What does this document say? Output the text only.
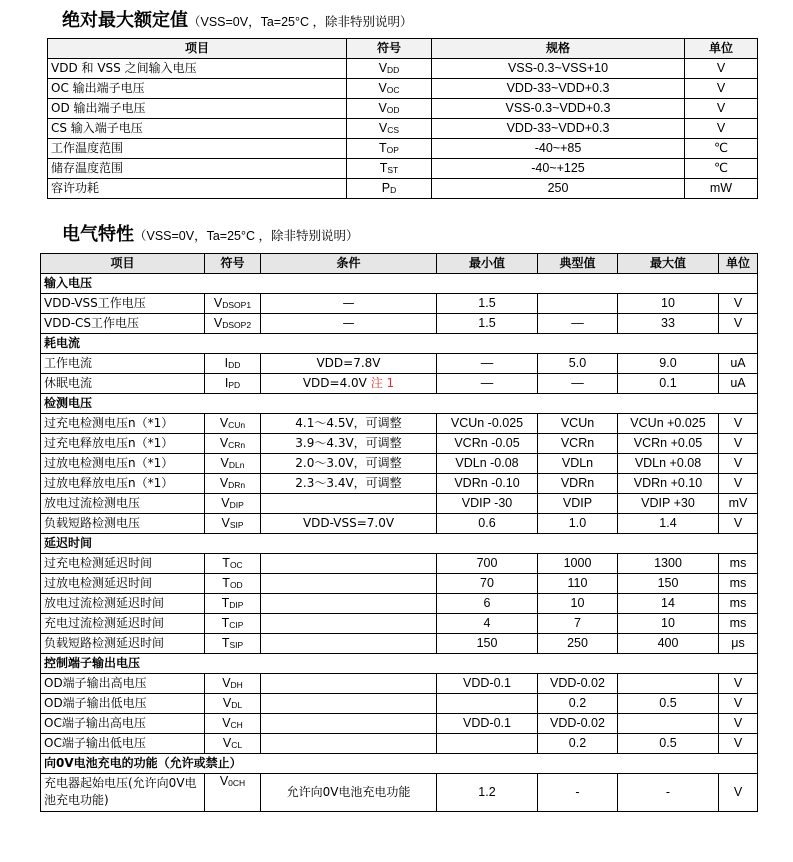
绝对最大额定值（VSS=0V，Ta=25°C ，除非特别说明）
项目	符号	规格	单位
VDD 和 VSS 之间输入电压	VDD	VSS-0.3~VSS+10	V
OC 输出端子电压	VOC	VDD-33~VDD+0.3	V
OD 输出端子电压	VOD	VSS-0.3~VDD+0.3	V
CS 输入端子电压	VCS	VDD-33~VDD+0.3	V
工作温度范围	TOP	-40~+85	℃
储存温度范围	TST	-40~+125	℃
容许功耗	PD	250	mW
电气特性（VSS=0V，Ta=25°C ，除非特别说明）
项目	符号	条件	最小值	典型值	最大值	单位
输入电压						
VDD-VSS工作电压	VDSOP1	—	1.5		10	V
VDD-CS工作电压	VDSOP2	—	1.5	—	33	V
耗电流						
工作电流	IDD	VDD=7.8V	—	5.0	9.0	uA
休眠电流	IPD	VDD=4.0V 注 1	—	—	0.1	uA
检测电压						
过充电检测电压n（*1）	VCUn	4.1～4.5V，可调整	VCUn -0.025	VCUn	VCUn +0.025	V
过充电释放电压n（*1）	VCRn	3.9～4.3V，可调整	VCRn -0.05	VCRn	VCRn +0.05	V
过放电检测电压n（*1）	VDLn	2.0～3.0V，可调整	VDLn -0.08	VDLn	VDLn +0.08	V
过放电释放电压n（*1）	VDRn	2.3～3.4V，可调整	VDRn -0.10	VDRn	VDRn +0.10	V
放电过流检测电压	VDIP		VDIP -30	VDIP	VDIP +30	mV
负载短路检测电压	VSIP	VDD-VSS=7.0V	0.6	1.0	1.4	V
延迟时间						
过充电检测延迟时间	TOC		700	1000	1300	ms
过放电检测延迟时间	TOD		70	110	150	ms
放电过流检测延迟时间	TDIP		6	10	14	ms
充电过流检测延迟时间	TCIP		4	7	10	ms
负载短路检测延迟时间	TSIP		150	250	400	μs
控制端子输出电压						
OD端子输出高电压	VDH		VDD-0.1	VDD-0.02		V
OD端子输出低电压	VDL			0.2	0.5	V
OC端子输出高电压	VCH		VDD-0.1	VDD-0.02		V
OC端子输出低电压	VCL			0.2	0.5	V
向0V电池充电的功能（允许或禁止）						
充电器起始电压(允许向0V电池充电功能)	V0CH	允许向0V电池充电功能	1.2	-	-	V
